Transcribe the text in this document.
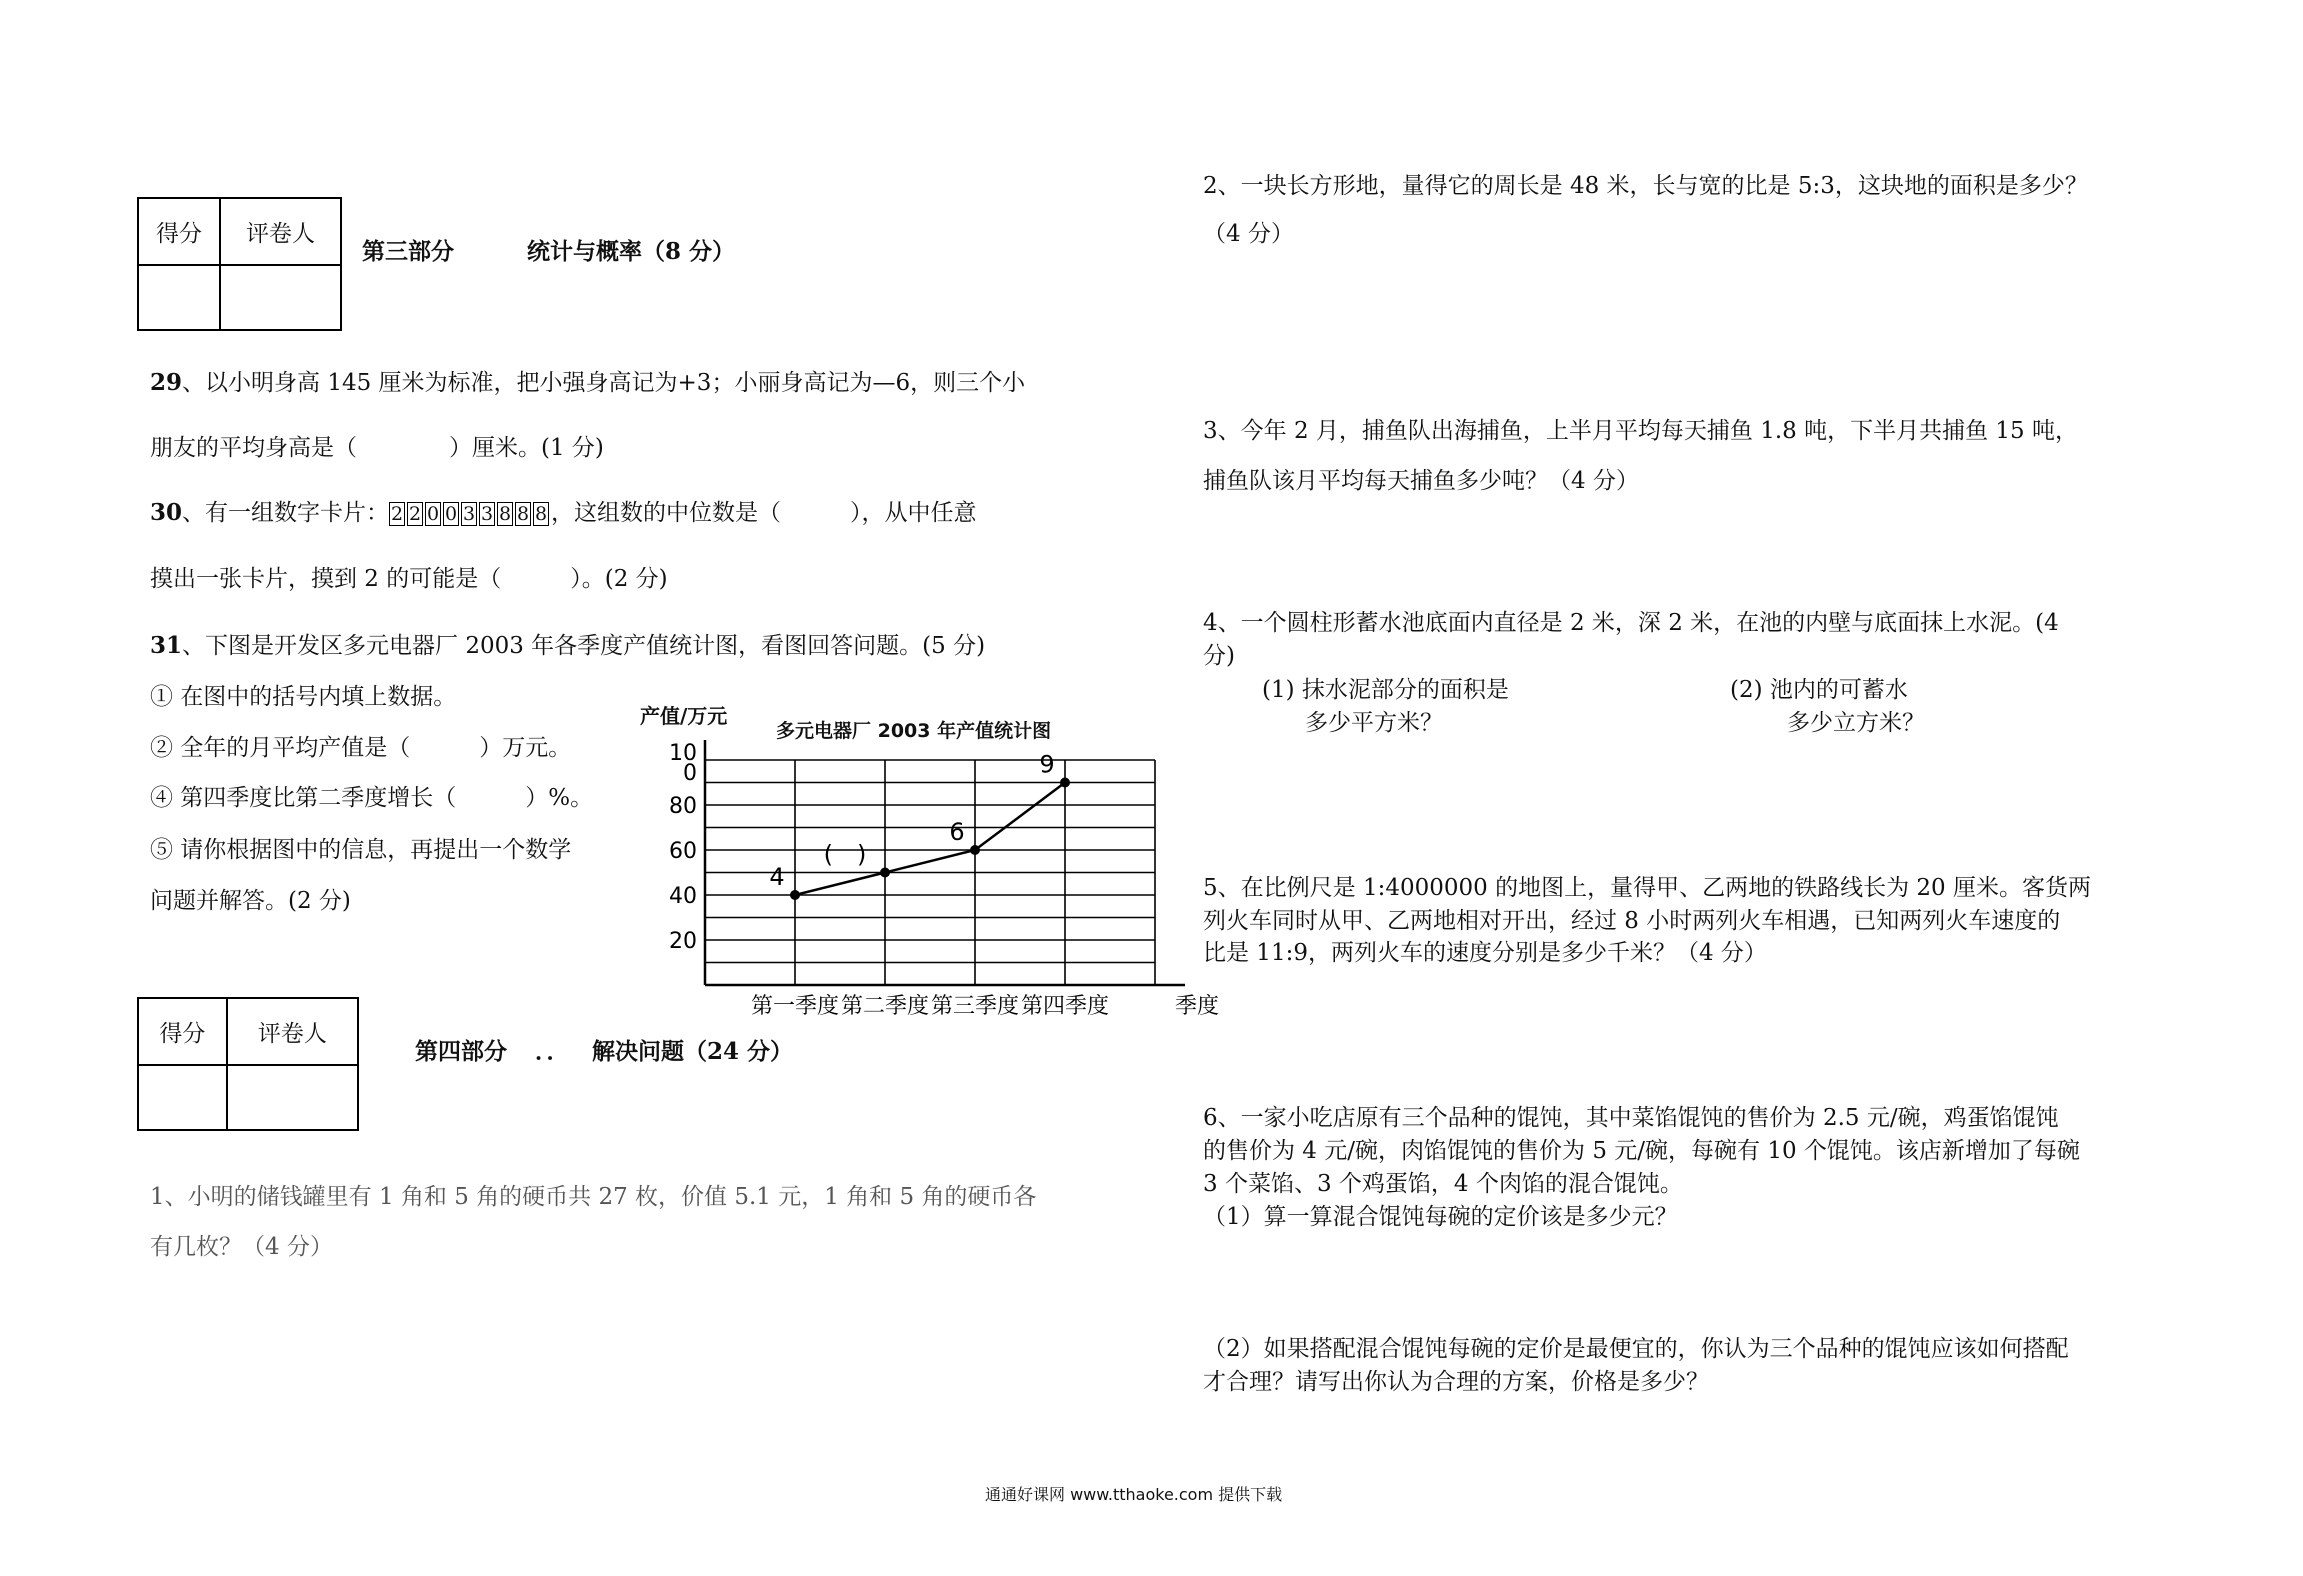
得分	评卷人

第三部分	统计与概率（8 分）
29、以小明身高 145 厘米为标准，把小强身高记为+3；小丽身高记为—6，则三个小
朋友的平均身高是（　　　　）厘米。(1 分)
30、有一组数字卡片： 2 2 0 0 3 3 8 8 8 ，这组数的中位数是（　　　），从中任意
摸出一张卡片，摸到 2 的可能是（　　　）。(2 分)
31、下图是开发区多元电器厂 2003 年各季度产值统计图，看图回答问题。(5 分)
① 在图中的括号内填上数据。
② 全年的月平均产值是（　　　）万元。
④ 第四季度比第二季度增长（　　　）%。
⑤ 请你根据图中的信息，再提出一个数学
问题并解答。(2 分)
多元电器厂 2003 年产值统计图
产值/万元
20
40
60
80
0
10
第一季度 第二季度 第三季度 第四季度	季度
4
(　)
6
9
得分	评卷人

第四部分 ．． 解决问题（24 分）
1、小明的储钱罐里有 1 角和 5 角的硬币共 27 枚，价值 5.1 元，1 角和 5 角的硬币各
有几枚？（4 分）
2、一块长方形地，量得它的周长是 48 米，长与宽的比是 5:3，这块地的面积是多少？
（4 分）
3、今年 2 月，捕鱼队出海捕鱼，上半月平均每天捕鱼 1.8 吨，下半月共捕鱼 15 吨，
捕鱼队该月平均每天捕鱼多少吨？（4 分）
4、一个圆柱形蓄水池底面内直径是 2 米，深 2 米，在池的内壁与底面抹上水泥。(4
分)
(1) 抹水泥部分的面积是
多少平方米？
(2) 池内的可蓄水
多少立方米？
5、在比例尺是 1:4000000 的地图上，量得甲、乙两地的铁路线长为 20 厘米。客货两
列火车同时从甲、乙两地相对开出，经过 8 小时两列火车相遇，已知两列火车速度的
比是 11:9，两列火车的速度分别是多少千米？（4 分）
6、一家小吃店原有三个品种的馄饨，其中菜馅馄饨的售价为 2.5 元/碗，鸡蛋馅馄饨
的售价为 4 元/碗，肉馅馄饨的售价为 5 元/碗，每碗有 10 个馄饨。该店新增加了每碗
3 个菜馅、3 个鸡蛋馅，4 个肉馅的混合馄饨。
（1）算一算混合馄饨每碗的定价该是多少元？
（2）如果搭配混合馄饨每碗的定价是最便宜的，你认为三个品种的馄饨应该如何搭配
才合理？请写出你认为合理的方案，价格是多少？
通通好课网 www.tthaoke.com 提供下载
